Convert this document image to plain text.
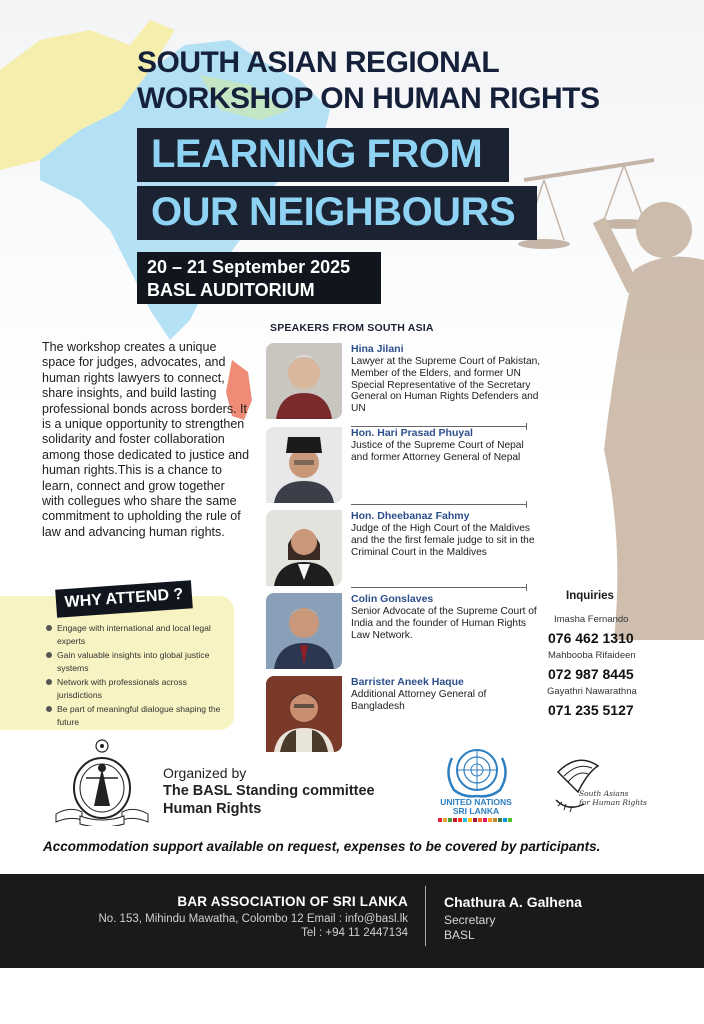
SOUTH ASIAN REGIONAL
WORKSHOP ON HUMAN RIGHTS
LEARNING FROM
OUR NEIGHBOURS
20 – 21 September 2025
BASL AUDITORIUM

The workshop creates a unique space for judges, advocates, and human rights lawyers to connect, share insights, and build lasting professional bonds across borders. It is a unique opportunity to strengthen solidarity and foster collaboration among those dedicated to justice and human rights.This is a chance to learn, connect and grow together with collegues who share the same commitment to upholding the rule of law and advancing human rights.

WHY ATTEND ?
Engage with international and local legal experts
Gain valuable insights into global justice systems
Network with professionals across jurisdictions
Be part of meaningful dialogue shaping the future
SPEAKERS FROM SOUTH ASIA
Hina Jilani
Lawyer at the Supreme Court of Pakistan, Member of the Elders, and former UN Special Representative of the Secretary General on Human Rights Defenders and UN
Hon. Hari Prasad Phuyal
Justice of the Supreme Court of Nepal and former Attorney General of Nepal
Hon. Dheebanaz Fahmy
Judge of the High Court of the Maldives and the the first female judge to sit in the Criminal Court in the Maldives
Colin Gonslaves
Senior Advocate of the Supreme Court of India and the founder of Human Rights Law Network.
Barrister Aneek Haque
Additional Attorney General of Bangladesh
Inquiries
Imasha Fernando
076 462 1310
Mahbooba Rifaideen
072 987 8445
Gayathri Nawarathna
071 235 5127
Organized by
The BASL Standing committee
Human Rights	UNITED NATIONS
SRI LANKA
South Asians
for Human Rights
Accommodation support available on request, expenses to be covered by participants.
BAR ASSOCIATION OF SRI LANKA
No. 153, Mihindu Mawatha, Colombo 12 Email : info@basl.lk
Tel : +94 11 2447134
Chathura A. Galhena
Secretary
BASL
